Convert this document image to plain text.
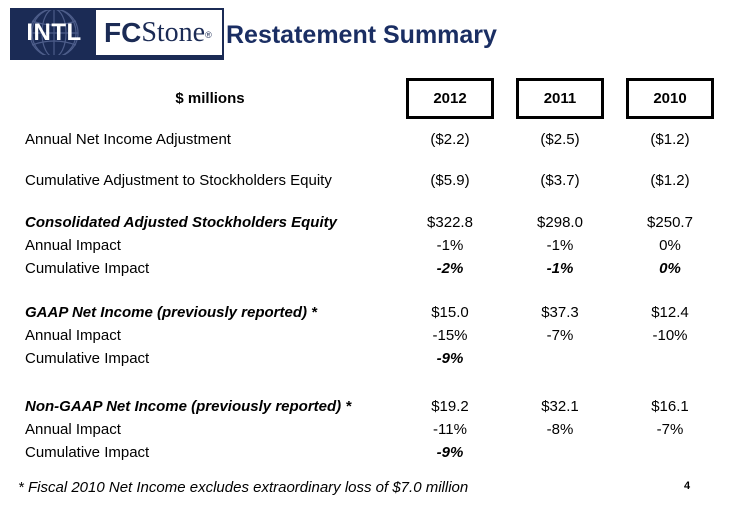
INTL FC Stone ® Restatement Summary
$ millions	2012	2011	2010
Annual Net Income Adjustment	($2.2)	($2.5)	($1.2)
Cumulative Adjustment to Stockholders Equity	($5.9)	($3.7)	($1.2)
Consolidated Adjusted Stockholders Equity	$322.8	$298.0	$250.7
Annual Impact	-1%	-1%	0%
Cumulative Impact	-2%	-1%	0%
GAAP Net Income (previously reported) *	$15.0	$37.3	$12.4
Annual Impact	-15%	-7%	-10%
Cumulative Impact	-9%
Non-GAAP Net Income (previously reported) *	$19.2	$32.1	$16.1
Annual Impact	-11%	-8%	-7%
Cumulative Impact	-9%
* Fiscal 2010 Net Income excludes extraordinary loss of $7.0 million	4
